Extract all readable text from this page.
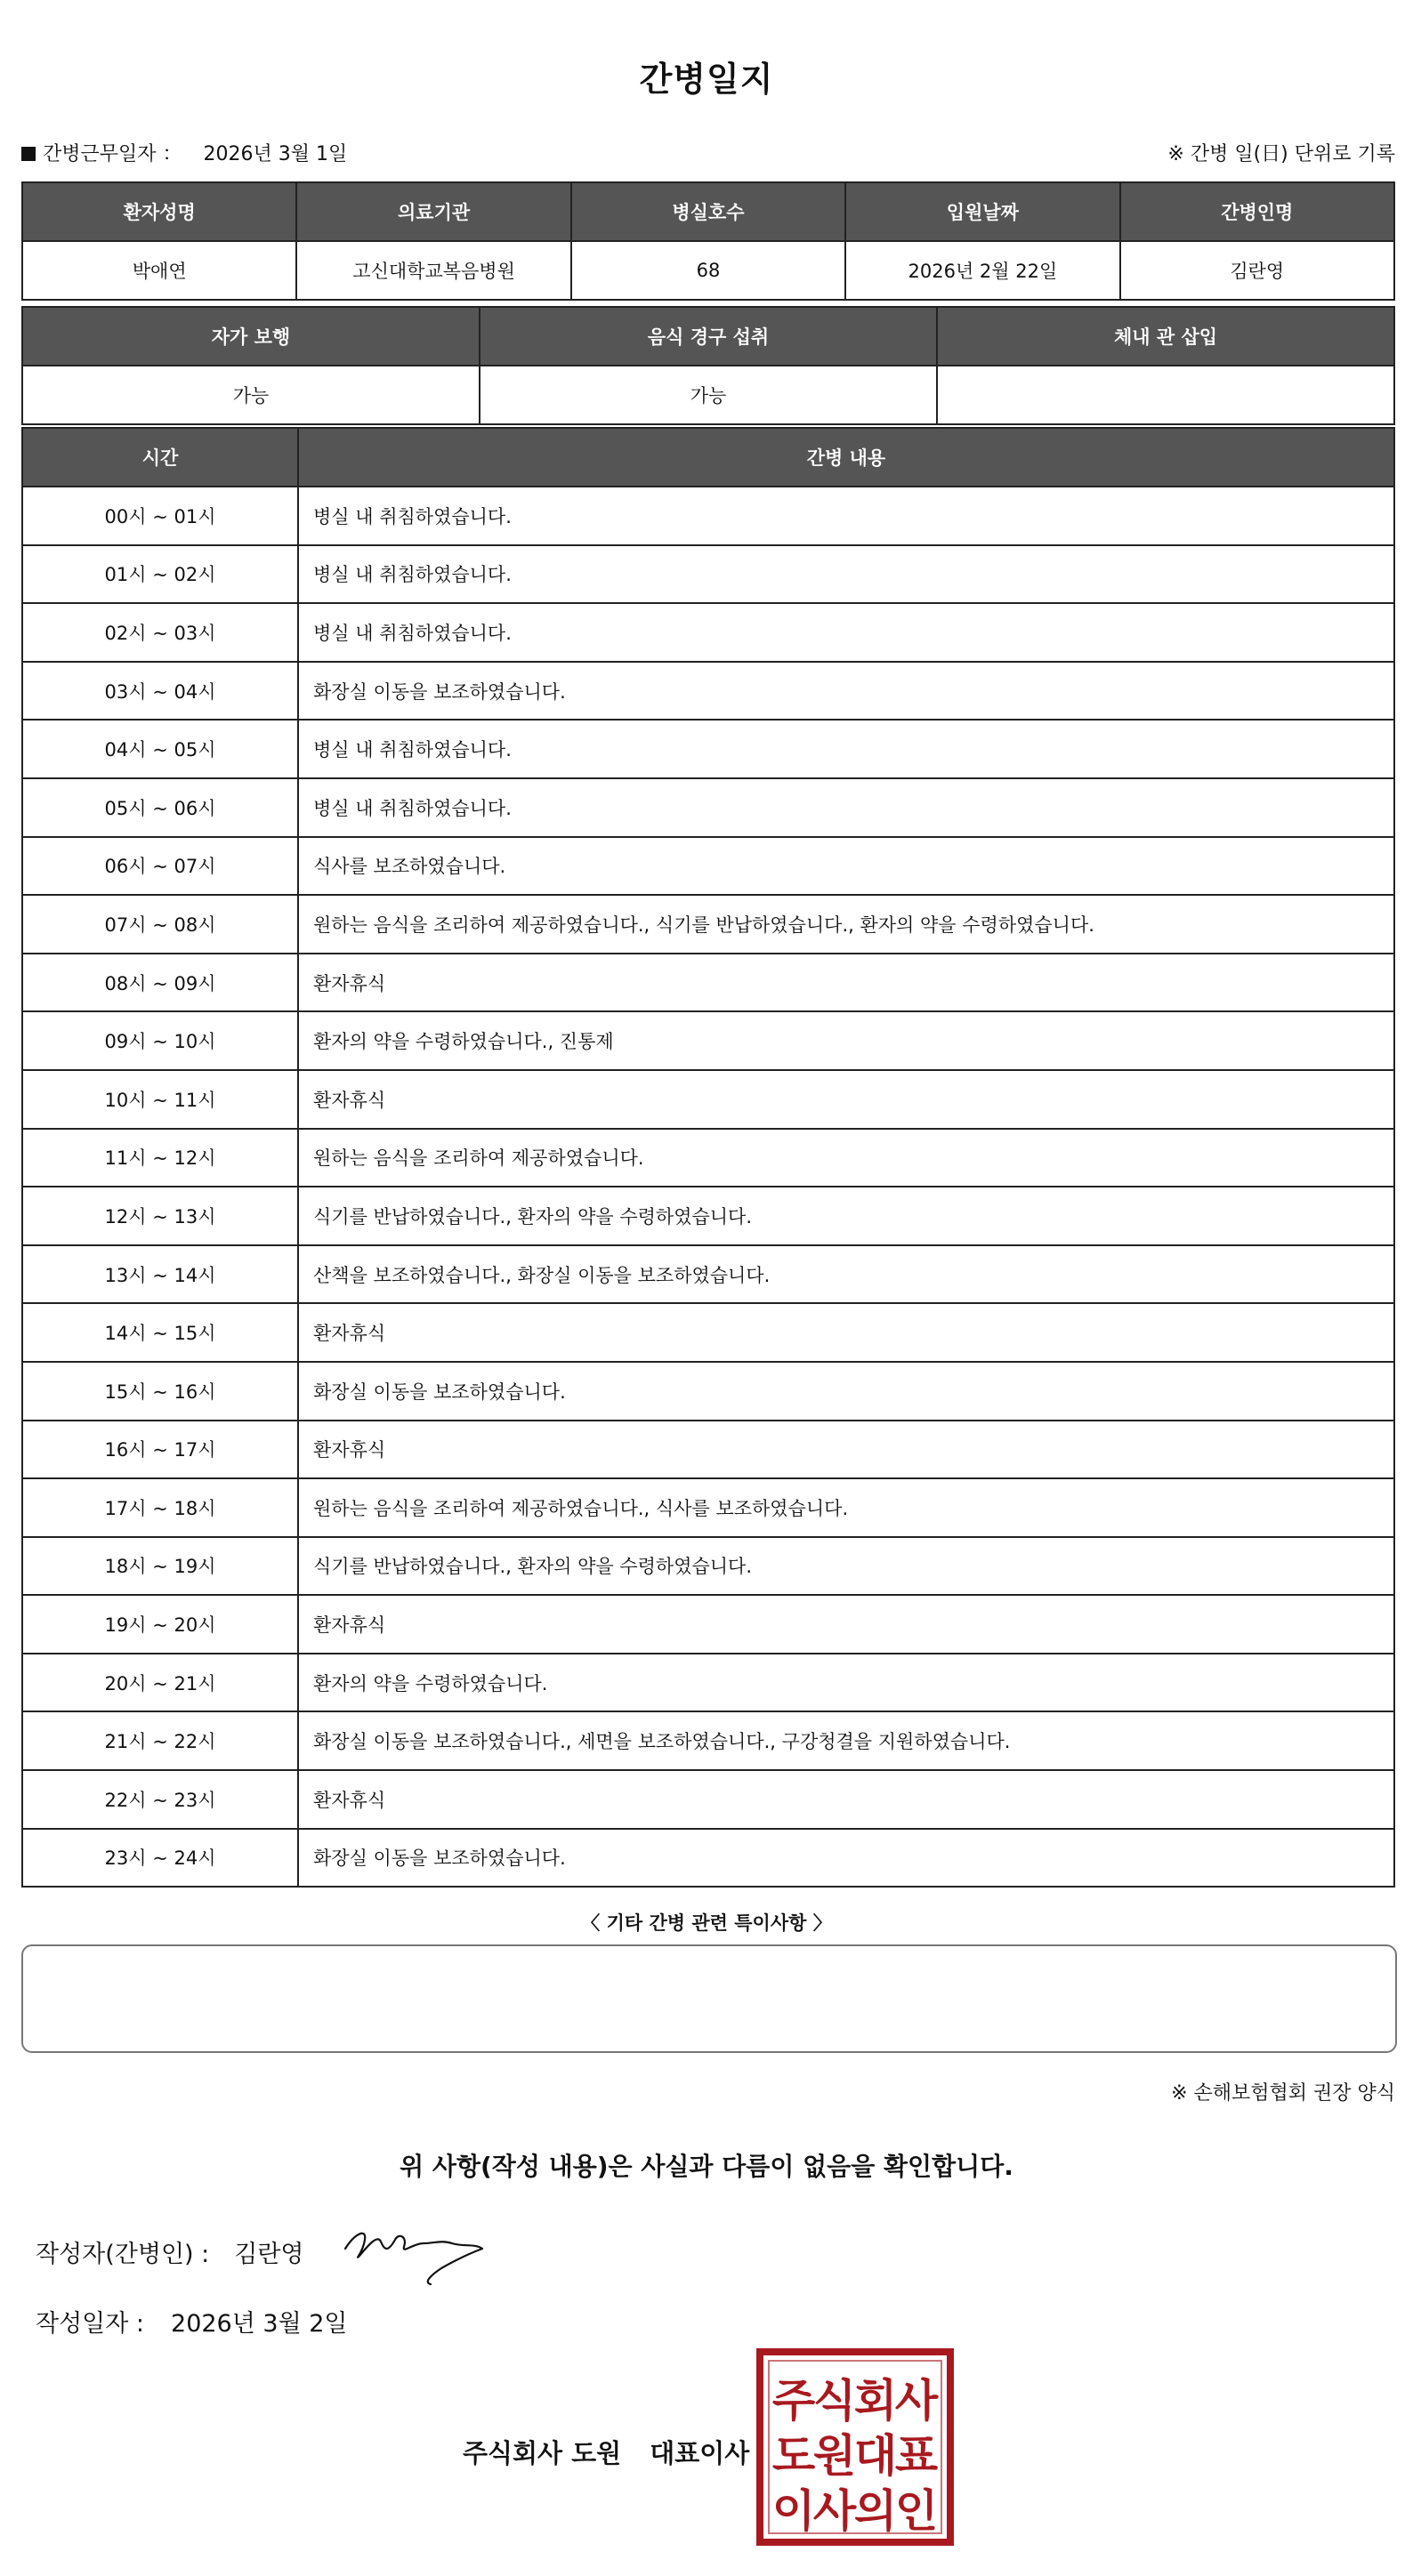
간병일지
간병근무일자 ： 2026년 3월 1일	※ 간병 일(日) 단위로 기록
환자성명	의료기관	병실호수	입원날짜	간병인명
박애연	고신대학교복음병원	68	2026년 2월 22일	김란영
자가 보행	음식 경구 섭취	체내 관 삽입
가능	가능	
시간	간병 내용
00시 ~ 01시	병실 내 취침하였습니다.
01시 ~ 02시	병실 내 취침하였습니다.
02시 ~ 03시	병실 내 취침하였습니다.
03시 ~ 04시	화장실 이동을 보조하였습니다.
04시 ~ 05시	병실 내 취침하였습니다.
05시 ~ 06시	병실 내 취침하였습니다.
06시 ~ 07시	식사를 보조하였습니다.
07시 ~ 08시	원하는 음식을 조리하여 제공하였습니다., 식기를 반납하였습니다., 환자의 약을 수령하였습니다.
08시 ~ 09시	환자휴식
09시 ~ 10시	환자의 약을 수령하였습니다., 진통제
10시 ~ 11시	환자휴식
11시 ~ 12시	원하는 음식을 조리하여 제공하였습니다.
12시 ~ 13시	식기를 반납하였습니다., 환자의 약을 수령하였습니다.
13시 ~ 14시	산책을 보조하였습니다., 화장실 이동을 보조하였습니다.
14시 ~ 15시	환자휴식
15시 ~ 16시	화장실 이동을 보조하였습니다.
16시 ~ 17시	환자휴식
17시 ~ 18시	원하는 음식을 조리하여 제공하였습니다., 식사를 보조하였습니다.
18시 ~ 19시	식기를 반납하였습니다., 환자의 약을 수령하였습니다.
19시 ~ 20시	환자휴식
20시 ~ 21시	환자의 약을 수령하였습니다.
21시 ~ 22시	화장실 이동을 보조하였습니다., 세면을 보조하였습니다., 구강청결을 지원하였습니다.
22시 ~ 23시	환자휴식
23시 ~ 24시	화장실 이동을 보조하였습니다.
〈 기타 간병 관련 특이사항 〉
※ 손해보험협회 권장 양식
위 사항(작성 내용)은 사실과 다름이 없음을 확인합니다.
작성자(간병인) : 김란영
작성일자 : 2026년 3월 2일
주식회사 도원 대표이사
주
식
회
사
도
원
대
표
이
사
의
인
